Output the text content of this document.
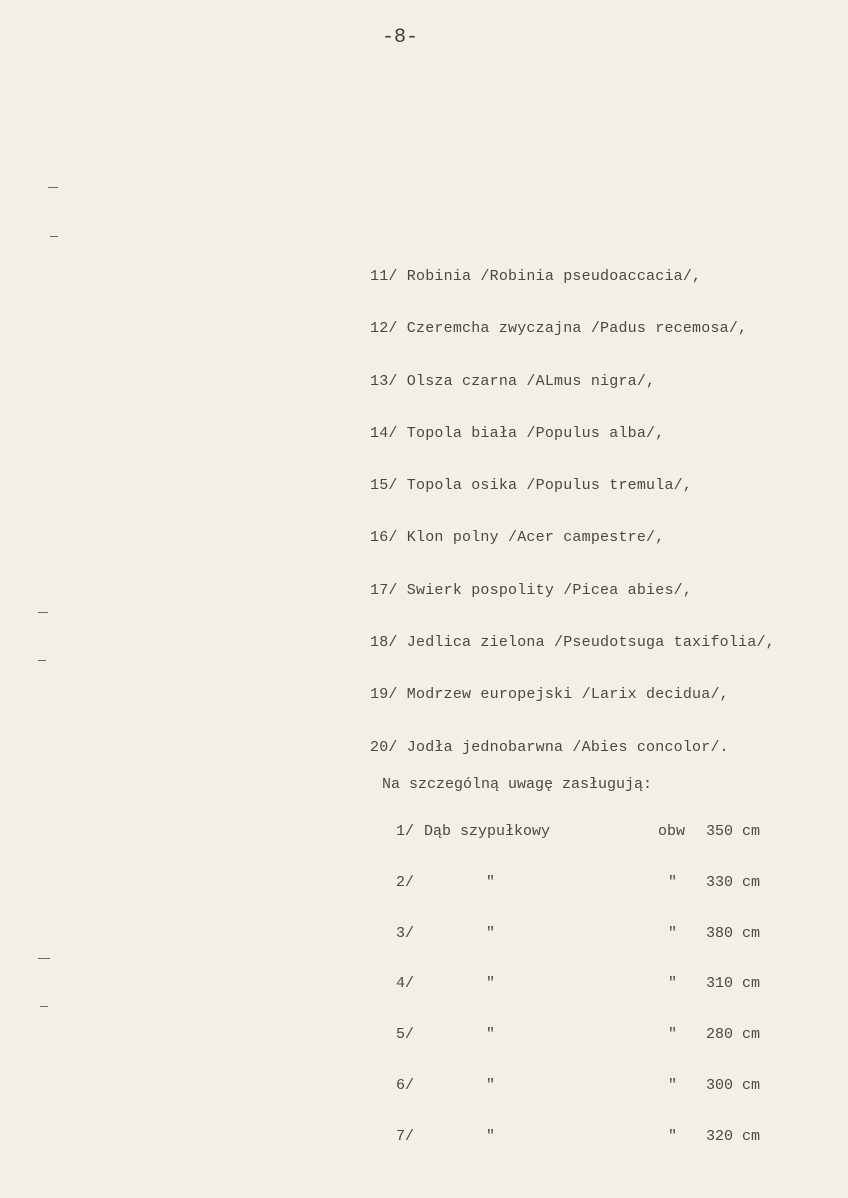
-8-
11/ Robinia /Robinia pseudoaccacia/,
12/ Czeremcha zwyczajna /Padus recemosa/,
13/ Olsza czarna /ALmus nigra/,
14/ Topola biała /Populus alba/,
15/ Topola osika /Populus tremula/,
16/ Klon polny /Acer campestre/,
17/ Swierk pospolity /Picea abies/,
18/ Jedlica zielona /Pseudotsuga taxifolia/,
19/ Modrzew europejski /Larix decidua/,
20/ Jodła jednobarwna /Abies concolor/.
Na szczególną uwagę zasługują:
1/ Dąb szypułkowy	obw 350 cm
2/	"	" 330 cm
3/	"	" 380 cm
4/	"	" 310 cm
5/	"	" 280 cm
6/	"	" 300 cm
7/	"	" 320 cm
